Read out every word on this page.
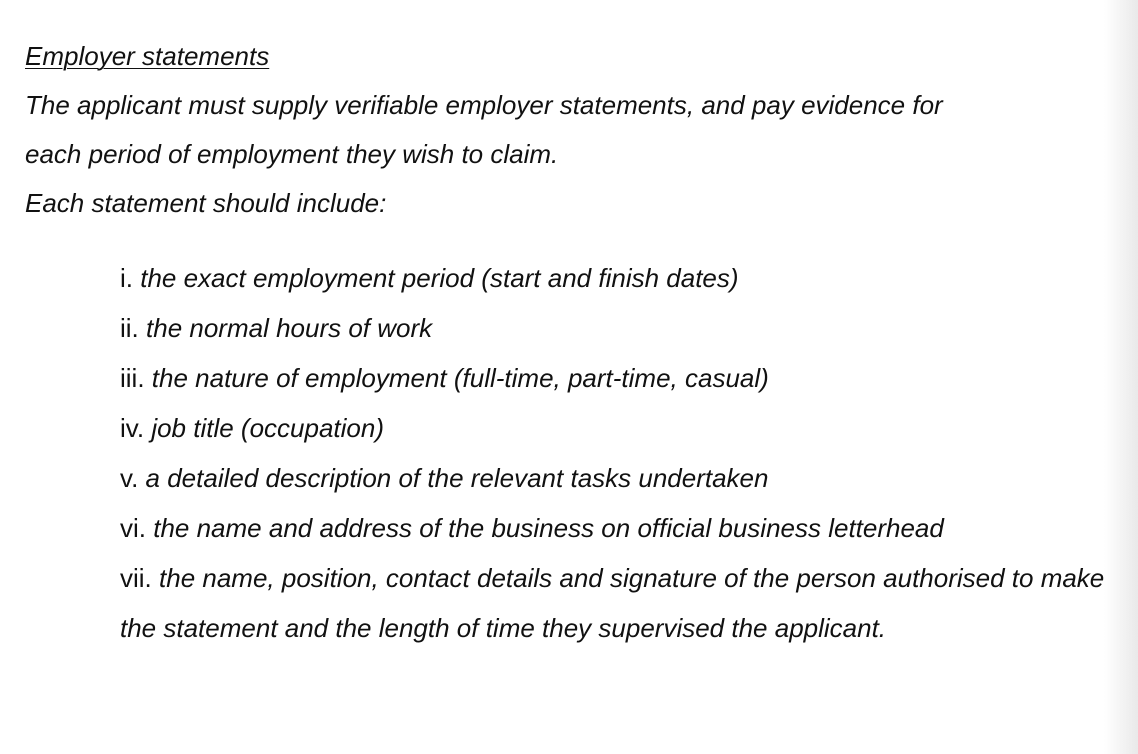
Employer statements
The applicant must supply verifiable employer statements, and pay evidence for
each period of employment they wish to claim.
Each statement should include:
i. the exact employment period (start and finish dates)
ii. the normal hours of work
iii. the nature of employment (full-time, part-time, casual)
iv. job title (occupation)
v. a detailed description of the relevant tasks undertaken
vi. the name and address of the business on official business letterhead
vii. the name, position, contact details and signature of the person authorised to make the statement and the length of time they supervised the applicant.
